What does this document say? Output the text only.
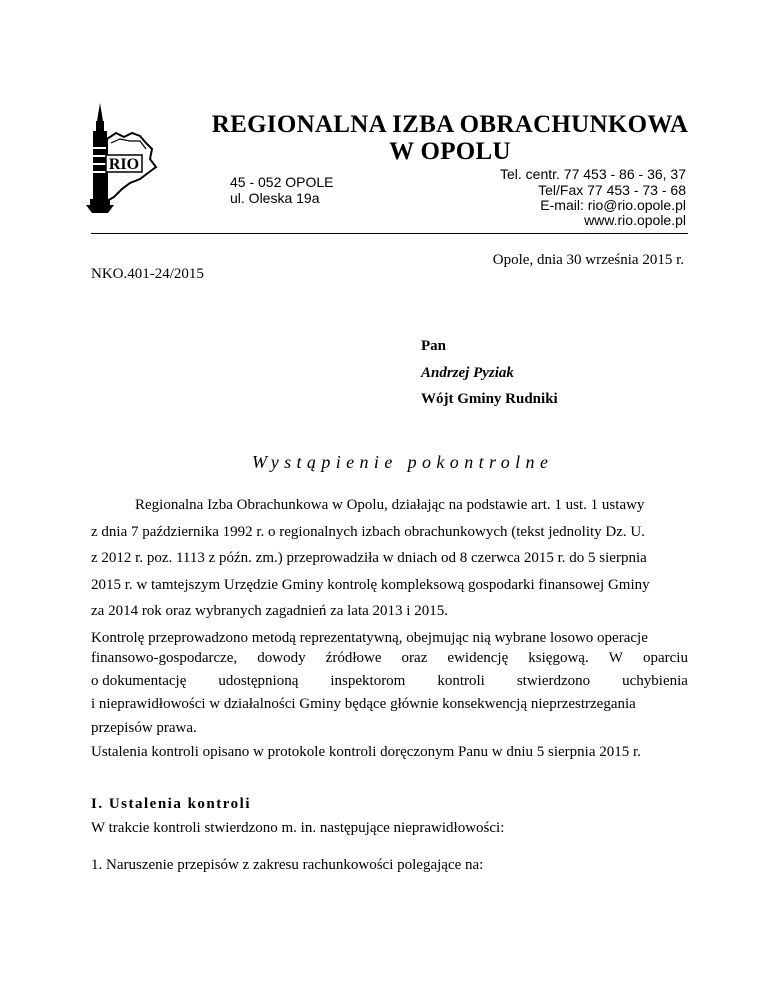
RIO
REGIONALNA IZBA OBRACHUNKOWA
W OPOLU
45 - 052 OPOLE
ul. Oleska 19a
Tel. centr. 77 453 - 86 - 36, 37
Tel/Fax 77 453 - 73 - 68
E-mail: rio@rio.opole.pl
www.rio.opole.pl
Opole, dnia 30 września 2015 r.
NKO.401-24/2015
Pan
Andrzej Pyziak
Wójt Gminy Rudniki
Wystąpienie pokontrolne
Regionalna Izba Obrachunkowa w Opolu, działając na podstawie art. 1 ust. 1 ustawy
z dnia 7 października 1992 r. o regionalnych izbach obrachunkowych (tekst jednolity Dz. U.
z 2012 r. poz. 1113 z późn. zm.) przeprowadziła w dniach od 8 czerwca 2015 r. do 5 sierpnia
2015 r. w tamtejszym Urzędzie Gminy kontrolę kompleksową gospodarki finansowej Gminy
za 2014 rok oraz wybranych zagadnień za lata 2013 i 2015.
Kontrolę przeprowadzono metodą reprezentatywną, obejmując nią wybrane losowo operacje
finansowo-gospodarcze, dowody źródłowe oraz ewidencję księgową. W oparciu
o dokumentację udostępnioną inspektorom kontroli stwierdzono uchybienia
i nieprawidłowości w działalności Gminy będące głównie konsekwencją nieprzestrzegania
przepisów prawa.
Ustalenia kontroli opisano w protokole kontroli doręczonym Panu w dniu 5 sierpnia 2015 r.
I. Ustalenia kontroli
W trakcie kontroli stwierdzono m. in. następujące nieprawidłowości:
1. Naruszenie przepisów z zakresu rachunkowości polegające na:
